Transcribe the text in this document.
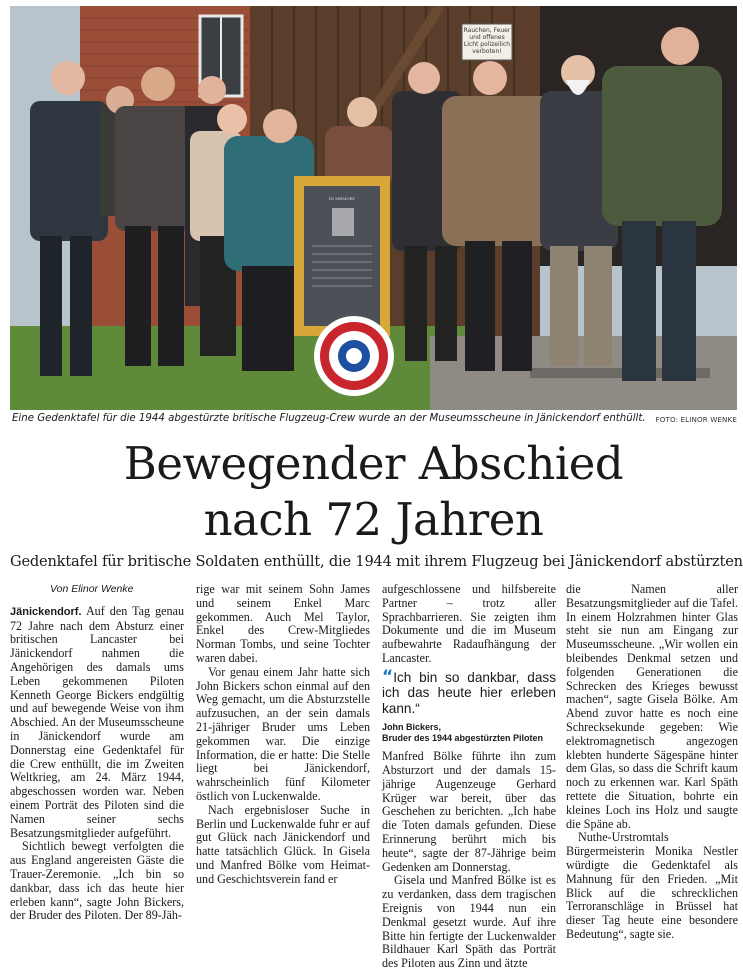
Rauchen, Feuer
und offenes
Licht polizeilich
verboten!
IN MEMORY
Eine Gedenktafel für die 1944 abgestürzte britische Flugzeug-Crew wurde an der Museumsscheune in Jänickendorf enthüllt. FOTO: ELINOR WENKE
Bewegender Abschied
nach 72 Jahren
Gedenktafel für britische Soldaten enthüllt, die 1944 mit ihrem Flugzeug bei Jänickendorf abstürzten
Von Elinor Wenke

Jänickendorf. Auf den Tag genau 72 Jahre nach dem Absturz einer britischen Lancaster bei Jänickendorf nahmen die Angehörigen des damals ums Leben gekommenen Piloten Kenneth George Bickers endgültig und auf bewegende Weise von ihm Abschied. An der Museumsscheune in Jänickendorf wurde am Donnerstag eine Gedenktafel für die Crew enthüllt, die im Zweiten Weltkrieg, am 24. März 1944, abgeschossen worden war. Neben einem Porträt des Piloten sind die Namen seiner sechs Besatzungsmitglieder aufgeführt.

Sichtlich bewegt verfolgten die aus England angereisten Gäste die Trauer-Zeremonie. „Ich bin so dankbar, dass ich das heute hier erleben kann“, sagte John Bickers, der Bruder des Piloten. Der 89-Jäh-

rige war mit seinem Sohn James und seinem Enkel Marc gekommen. Auch Mel Taylor, Enkel des Crew-Mitgliedes Norman Tombs, und seine Tochter waren dabei.

Vor genau einem Jahr hatte sich John Bickers schon einmal auf den Weg gemacht, um die Absturzstelle aufzusuchen, an der sein damals 21-jähriger Bruder ums Leben gekommen war. Die einzige Information, die er hatte: Die Stelle liegt bei Jänickendorf, wahrscheinlich fünf Kilometer östlich von Luckenwalde.

Nach ergebnisloser Suche in Berlin und Luckenwalde fuhr er auf gut Glück nach Jänickendorf und hatte tatsächlich Glück. In Gisela und Manfred Bölke vom Heimat- und Geschichtsverein fand er

aufgeschlossene und hilfsbereite Partner – trotz aller Sprachbarrieren. Sie zeigten ihm Dokumente und die im Museum aufbewahrte Radaufhängung der Lancaster.

“Ich bin so dankbar, dass ich das heute hier erleben kann.“
John Bickers,
Bruder des 1944 abgestürzten Piloten

Manfred Bölke führte ihn zum Absturzort und der damals 15-jährige Augenzeuge Gerhard Krüger war bereit, über das Geschehen zu berichten. „Ich habe die Toten damals gefunden. Diese Erinnerung berührt mich bis heute“, sagte der 87-Jährige beim Gedenken am Donnerstag.

Gisela und Manfred Bölke ist es zu verdanken, dass dem tragischen Ereignis von 1944 nun ein Denkmal gesetzt wurde. Auf ihre Bitte hin fertigte der Luckenwalder Bildhauer Karl Späth das Porträt des Piloten aus Zinn und ätzte

die Namen aller Besatzungsmitglieder auf die Tafel. In einem Holzrahmen hinter Glas steht sie nun am Eingang zur Museumsscheune. „Wir wollen ein bleibendes Denkmal setzen und folgenden Generationen die Schrecken des Krieges bewusst machen“, sagte Gisela Bölke. Am Abend zuvor hatte es noch eine Schrecksekunde gegeben: Wie elektromagnetisch angezogen klebten hunderte Sägespäne hinter dem Glas, so dass die Schrift kaum noch zu erkennen war. Karl Späth rettete die Situation, bohrte ein kleines Loch ins Holz und saugte die Späne ab.

Nuthe-Urstromtals Bürgermeisterin Monika Nestler würdigte die Gedenktafel als Mahnung für den Frieden. „Mit Blick auf die schrecklichen Terroranschläge in Brüssel hat dieser Tag heute eine besondere Bedeutung“, sagte sie.
